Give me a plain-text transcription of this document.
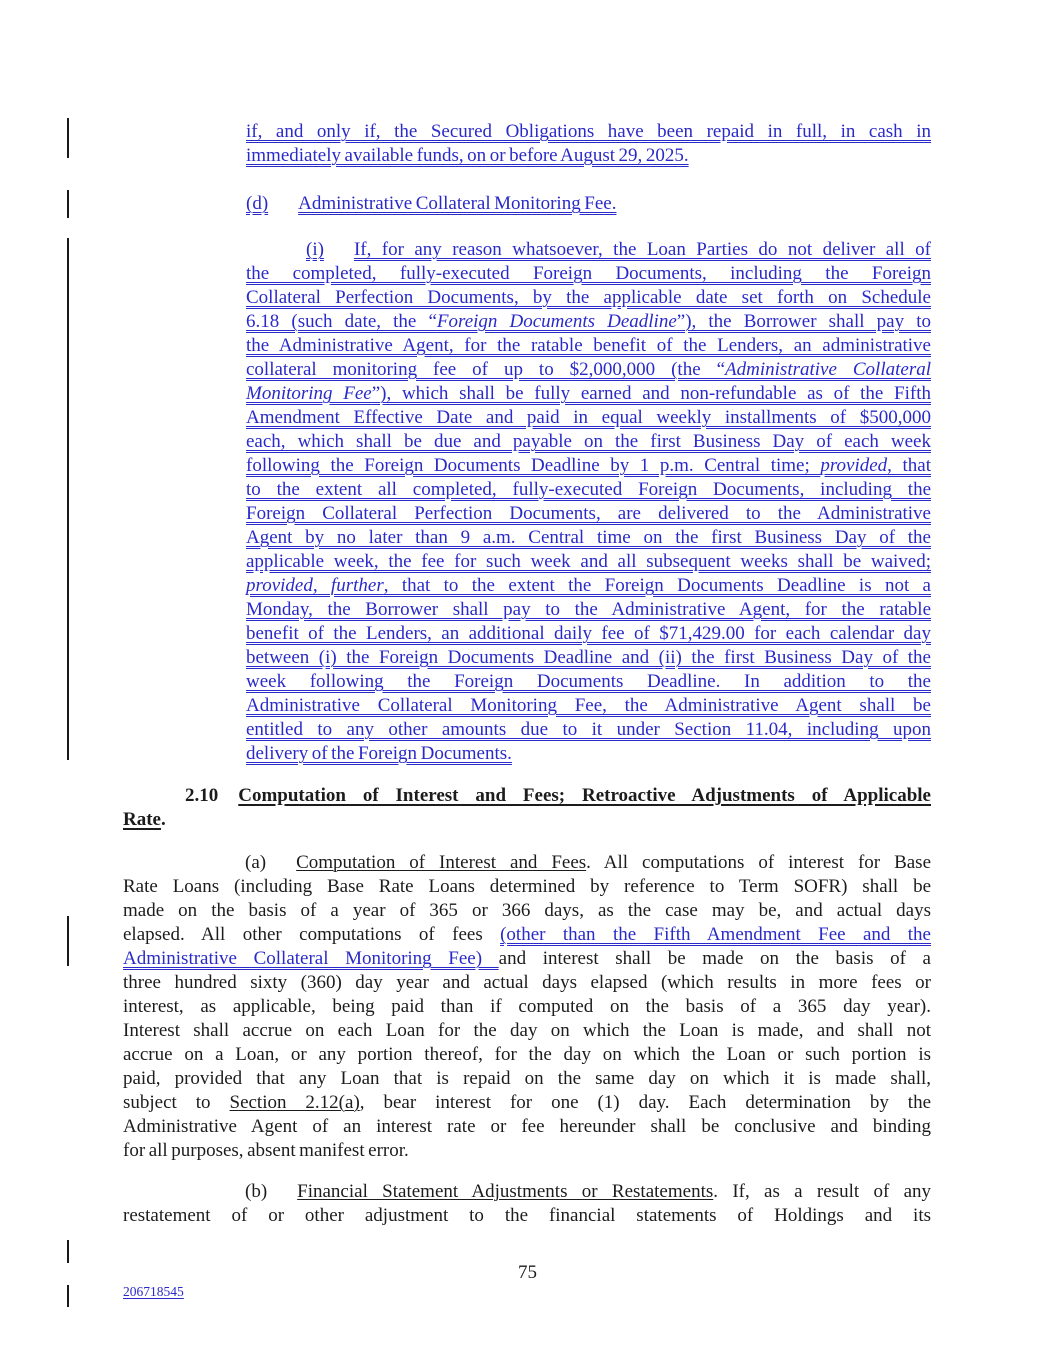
if, and only if, the Secured Obligations have been repaid in full, in cash in
immediately available funds, on or before August 29, 2025.
(d) Administrative Collateral Monitoring Fee.
(i) If, for any reason whatsoever, the Loan Parties do not deliver all of
the completed, fully-executed Foreign Documents, including the Foreign
Collateral Perfection Documents, by the applicable date set forth on Schedule
6.18 (such date, the “Foreign Documents Deadline”), the Borrower shall pay to
the Administrative Agent, for the ratable benefit of the Lenders, an administrative
collateral monitoring fee of up to $2,000,000 (the “Administrative Collateral
Monitoring Fee”), which shall be fully earned and non-refundable as of the Fifth
Amendment Effective Date and paid in equal weekly installments of $500,000
each, which shall be due and payable on the first Business Day of each week
following the Foreign Documents Deadline by 1 p.m. Central time; provided, that
to the extent all completed, fully-executed Foreign Documents, including the
Foreign Collateral Perfection Documents, are delivered to the Administrative
Agent by no later than 9 a.m. Central time on the first Business Day of the
applicable week, the fee for such week and all subsequent weeks shall be waived;
provided, further, that to the extent the Foreign Documents Deadline is not a
Monday, the Borrower shall pay to the Administrative Agent, for the ratable
benefit of the Lenders, an additional daily fee of $71,429.00 for each calendar day
between (i) the Foreign Documents Deadline and (ii) the first Business Day of the
week following the Foreign Documents Deadline. In addition to the
Administrative Collateral Monitoring Fee, the Administrative Agent shall be
entitled to any other amounts due to it under Section 11.04, including upon
delivery of the Foreign Documents.
2.10 Computation of Interest and Fees; Retroactive Adjustments of Applicable
Rate.
(a) Computation of Interest and Fees. All computations of interest for Base
Rate Loans (including Base Rate Loans determined by reference to Term SOFR) shall be
made on the basis of a year of 365 or 366 days, as the case may be, and actual days
elapsed. All other computations of fees (other than the Fifth Amendment Fee and the
Administrative Collateral Monitoring Fee) and interest shall be made on the basis of a
three hundred sixty (360) day year and actual days elapsed (which results in more fees or
interest, as applicable, being paid than if computed on the basis of a 365 day year).
Interest shall accrue on each Loan for the day on which the Loan is made, and shall not
accrue on a Loan, or any portion thereof, for the day on which the Loan or such portion is
paid, provided that any Loan that is repaid on the same day on which it is made shall,
subject to Section 2.12(a), bear interest for one (1) day. Each determination by the
Administrative Agent of an interest rate or fee hereunder shall be conclusive and binding
for all purposes, absent manifest error.
(b) Financial Statement Adjustments or Restatements. If, as a result of any
restatement of or other adjustment to the financial statements of Holdings and its
75
206718545
